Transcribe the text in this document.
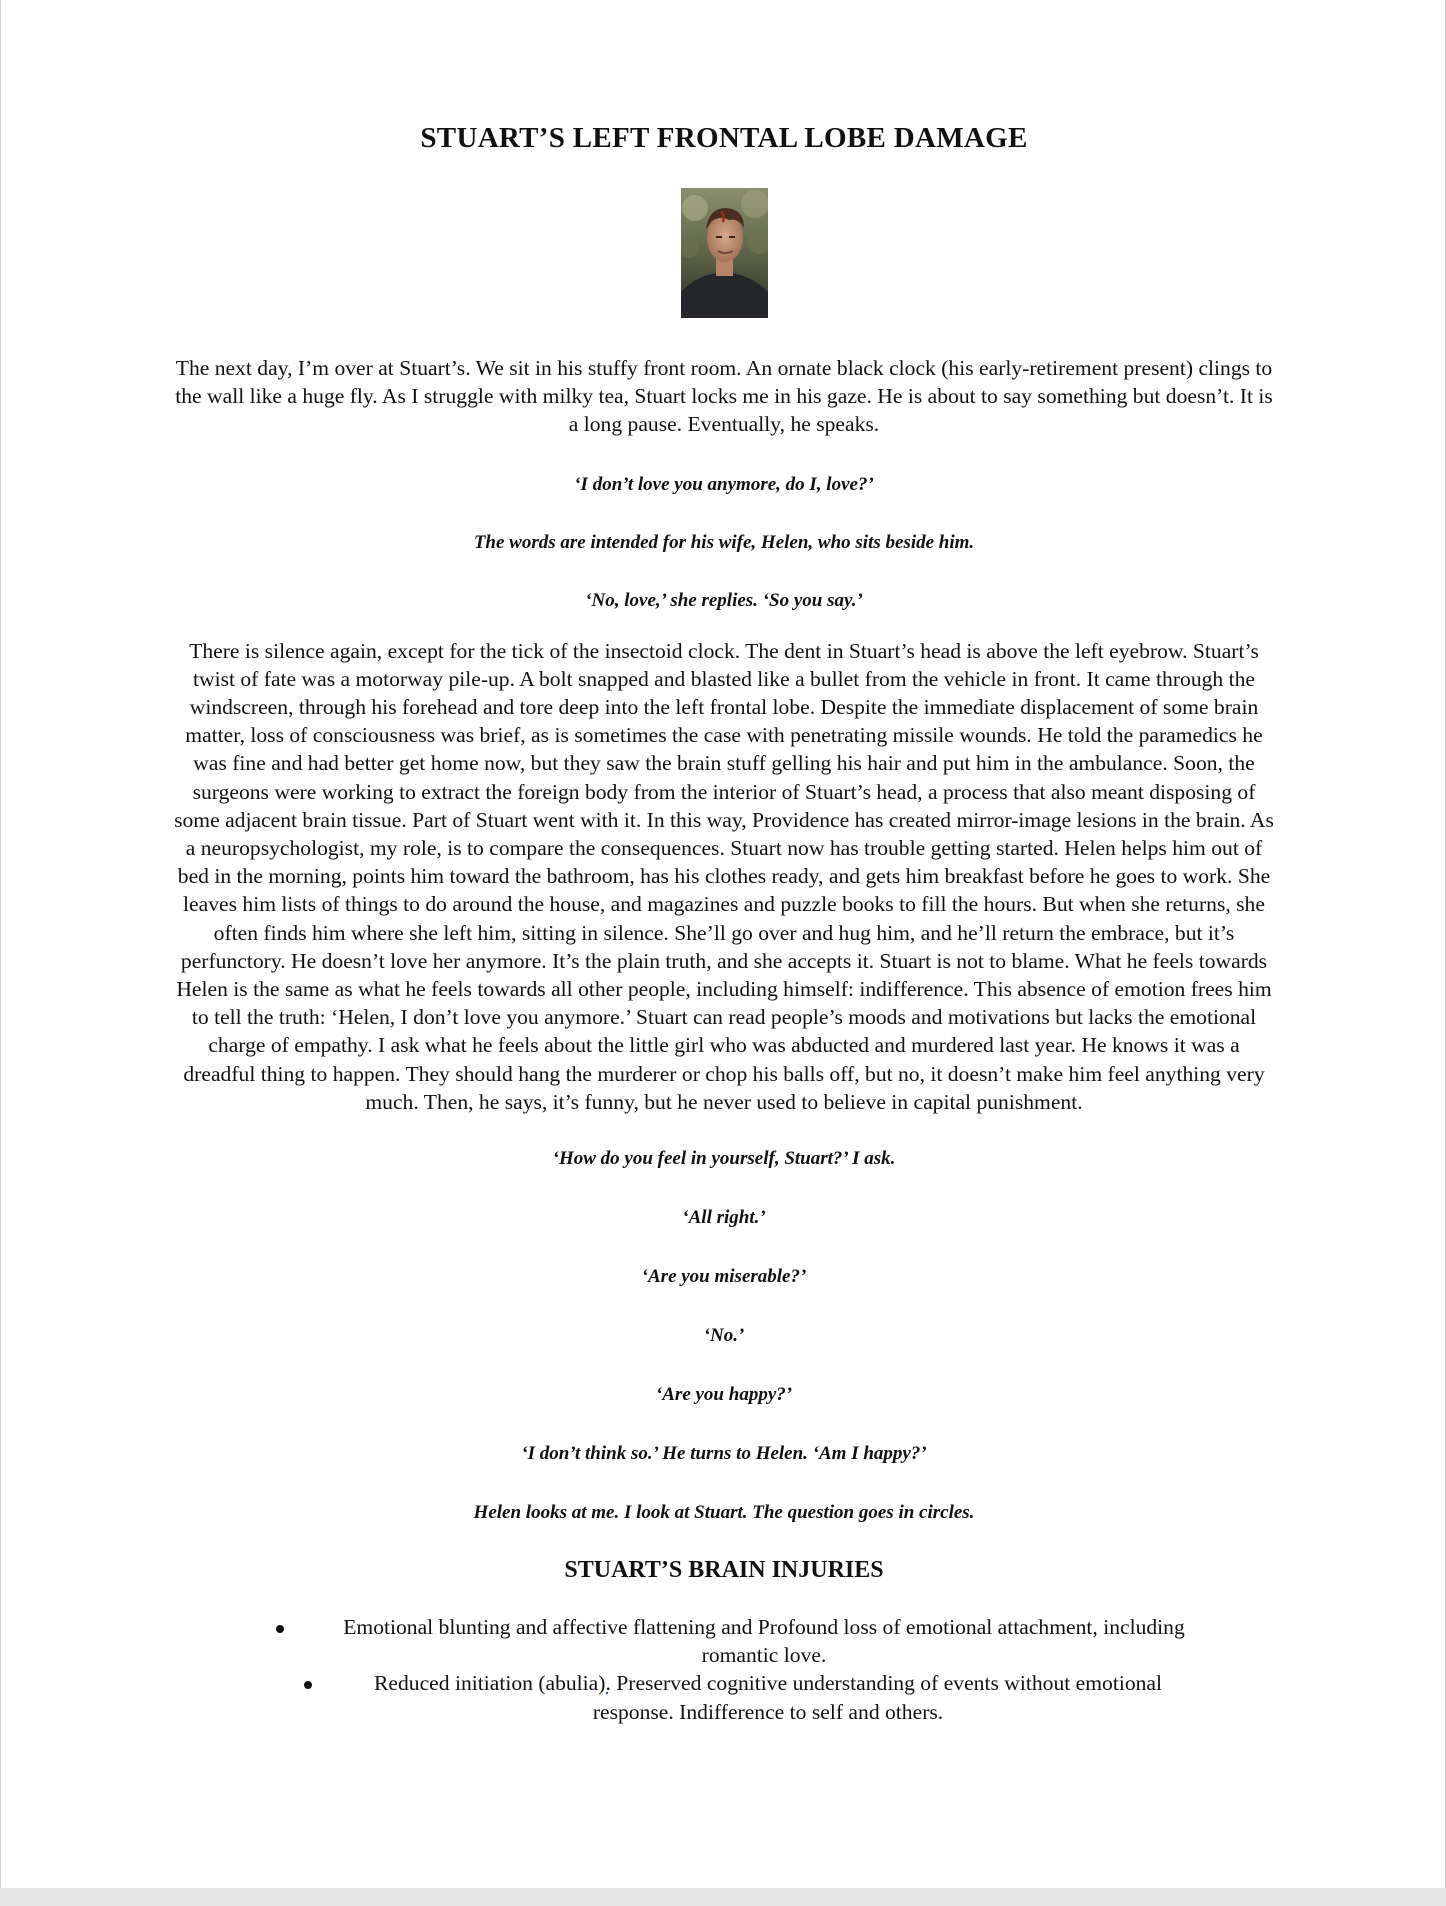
STUART’S LEFT FRONTAL LOBE DAMAGE

The next day, I’m over at Stuart’s. We sit in his stuffy front room. An ornate black clock (his early-retirement present) clings to the wall like a huge fly. As I struggle with milky tea, Stuart locks me in his gaze. He is about to say something but doesn’t. It is a long pause. Eventually, he speaks.

‘I don’t love you anymore, do I, love?’

The words are intended for his wife, Helen, who sits beside him.

‘No, love,’ she replies. ‘So you say.’

There is silence again, except for the tick of the insectoid clock. The dent in Stuart’s head is above the left eyebrow. Stuart’s twist of fate was a motorway pile-up. A bolt snapped and blasted like a bullet from the vehicle in front. It came through the windscreen, through his forehead and tore deep into the left frontal lobe. Despite the immediate displacement of some brain matter, loss of consciousness was brief, as is sometimes the case with penetrating missile wounds. He told the paramedics he was fine and had better get home now, but they saw the brain stuff gelling his hair and put him in the ambulance. Soon, the surgeons were working to extract the foreign body from the interior of Stuart’s head, a process that also meant disposing of some adjacent brain tissue. Part of Stuart went with it. In this way, Providence has created mirror-image lesions in the brain. As a neuropsychologist, my role, is to compare the consequences. Stuart now has trouble getting started. Helen helps him out of bed in the morning, points him toward the bathroom, has his clothes ready, and gets him breakfast before he goes to work. She leaves him lists of things to do around the house, and magazines and puzzle books to fill the hours. But when she returns, she often finds him where she left him, sitting in silence. She’ll go over and hug him, and he’ll return the embrace, but it’s perfunctory. He doesn’t love her anymore. It’s the plain truth, and she accepts it. Stuart is not to blame. What he feels towards Helen is the same as what he feels towards all other people, including himself: indifference. This absence of emotion frees him to tell the truth: ‘Helen, I don’t love you anymore.’ Stuart can read people’s moods and motivations but lacks the emotional charge of empathy. I ask what he feels about the little girl who was abducted and murdered last year. He knows it was a dreadful thing to happen. They should hang the murderer or chop his balls off, but no, it doesn’t make him feel anything very much. Then, he says, it’s funny, but he never used to believe in capital punishment.

‘How do you feel in yourself, Stuart?’ I ask.

‘All right.’

‘Are you miserable?’

‘No.’

‘Are you happy?’

‘I don’t think so.’ He turns to Helen. ‘Am I happy?’

Helen looks at me. I look at Stuart. The question goes in circles.

STUART’S BRAIN INJURIES
Emotional blunting and affective flattening and Profound loss of emotional attachment, including romantic love.
Reduced initiation (abulia). Preserved cognitive understanding of events without emotional response. Indifference to self and others.
